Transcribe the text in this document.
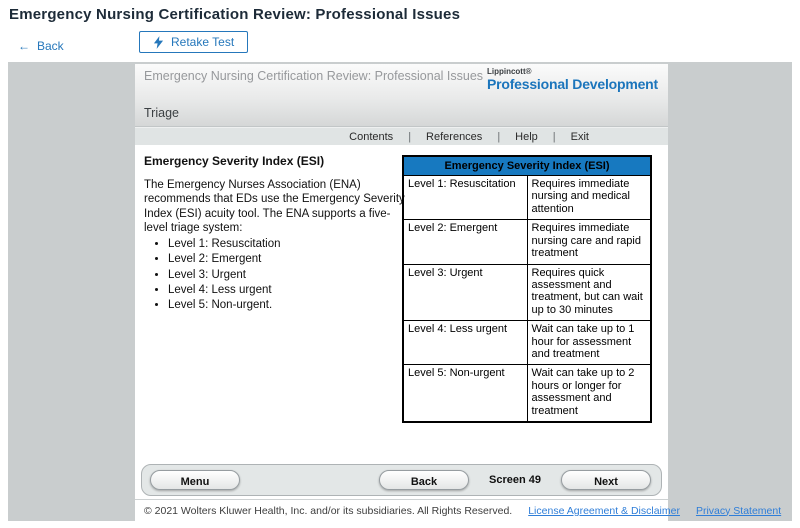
Emergency Nursing Certification Review: Professional Issues
← Back	Retake Test
Emergency Nursing Certification Review: Professional Issues Lippincott®
Professional Development
Triage
Contents	|	References	|	Help	|	Exit
Emergency Severity Index (ESI)
The Emergency Nurses Association (ENA) recommends that EDs use the Emergency Severity Index (ESI) acuity tool. The ENA supports a five-level triage system:
• Level 1: Resuscitation
• Level 2: Emergent
• Level 3: Urgent
• Level 4: Less urgent
• Level 5: Non-urgent.
Emergency Severity Index (ESI)	
Level 1: Resuscitation	Requires immediate nursing and medical attention
Level 2: Emergent	Requires immediate nursing care and rapid treatment
Level 3: Urgent	Requires quick assessment and treatment, but can wait up to 30 minutes
Level 4: Less urgent	Wait can take up to 1 hour for assessment and treatment
Level 5: Non-urgent	Wait can take up to 2 hours or longer for assessment and treatment
Menu	Back	Screen 49	Next
© 2021 Wolters Kluwer Health, Inc. and/or its subsidiaries. All Rights Reserved. License Agreement & Disclaimer Privacy Statement
